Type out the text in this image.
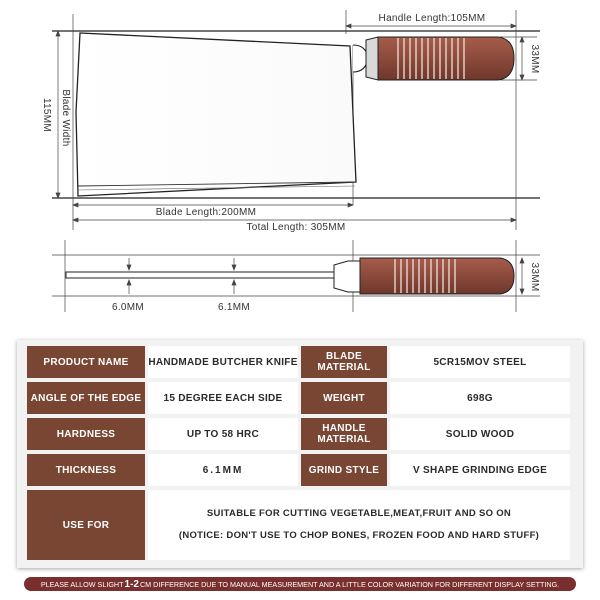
Handle Length:105MM
33MM
Blade Width
115MM
Blade Length:200MM
Total Length: 305MM
33MM
6.0MM	6.1MM
PRODUCT NAME	HANDMADE BUTCHER KNIFE	BLADE MATERIAL	5CR15MOV STEEL
ANGLE OF THE EDGE	15 DEGREE EACH SIDE	WEIGHT	698G
HARDNESS	UP TO 58 HRC	HANDLE MATERIAL	SOLID WOOD
THICKNESS	6.1MM	GRIND STYLE	V SHAPE GRINDING EDGE
USE FOR
SUITABLE FOR CUTTING VEGETABLE,MEAT,FRUIT AND SO ON
(NOTICE: DON'T USE TO CHOP BONES, FROZEN FOOD AND HARD STUFF)
PLEASE ALLOW SLIGHT 1-2 CM DIFFERENCE DUE TO MANUAL MEASUREMENT AND A LITTLE COLOR VARIATION FOR DIFFERENT DISPLAY SETTING.
